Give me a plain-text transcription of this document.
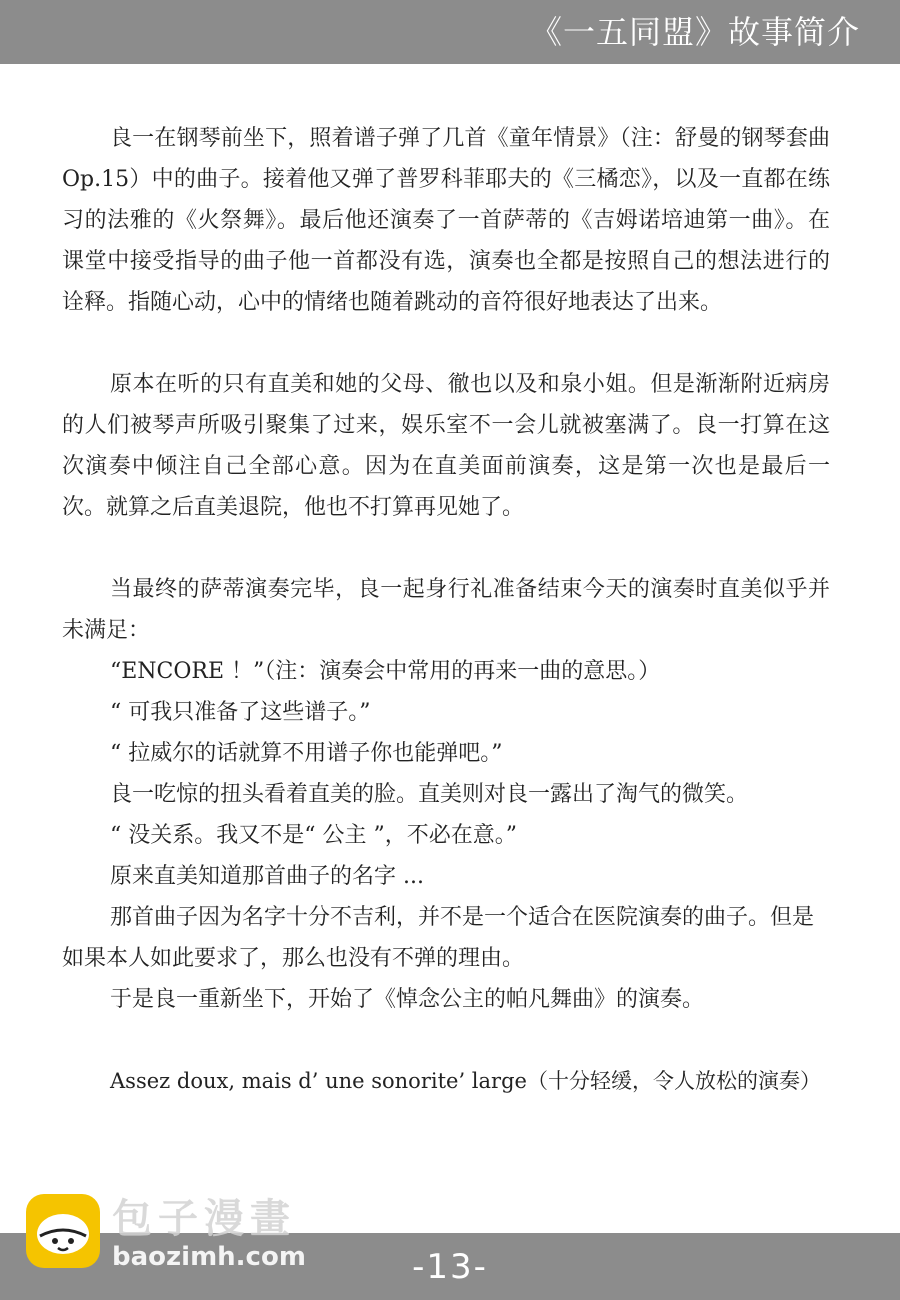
《一五同盟》故事简介

良一在钢琴前坐下，照着谱子弹了几首《童年情景》（注：舒曼的钢琴套曲 Op.15）中的曲子。接着他又弹了普罗科菲耶夫的《三橘恋》，以及一直都在练习的法雅的《火祭舞》。最后他还演奏了一首萨蒂的《吉姆诺培迪第一曲》。在课堂中接受指导的曲子他一首都没有选，演奏也全都是按照自己的想法进行的诠释。指随心动，心中的情绪也随着跳动的音符很好地表达了出来。

原本在听的只有直美和她的父母、徹也以及和泉小姐。但是渐渐附近病房的人们被琴声所吸引聚集了过来，娱乐室不一会儿就被塞满了。良一打算在这次演奏中倾注自己全部心意。因为在直美面前演奏，这是第一次也是最后一次。就算之后直美退院，他也不打算再见她了。

当最终的萨蒂演奏完毕，良一起身行礼准备结束今天的演奏时直美似乎并未满足：

“ENCORE ！”（注：演奏会中常用的再来一曲的意思。）

“ 可我只准备了这些谱子。”

“ 拉威尔的话就算不用谱子你也能弹吧。”

良一吃惊的扭头看着直美的脸。直美则对良一露出了淘气的微笑。

“ 没关系。我又不是“ 公主 ”，不必在意。”

原来直美知道那首曲子的名字 ...

那首曲子因为名字十分不吉利，并不是一个适合在医院演奏的曲子。但是如果本人如此要求了，那么也没有不弹的理由。

于是良一重新坐下，开始了《悼念公主的帕凡舞曲》的演奏。

Assez doux, mais d’ une sonorite’ large（十分轻缓，令人放松的演奏）

-13-
包子漫畫
baozimh.com
